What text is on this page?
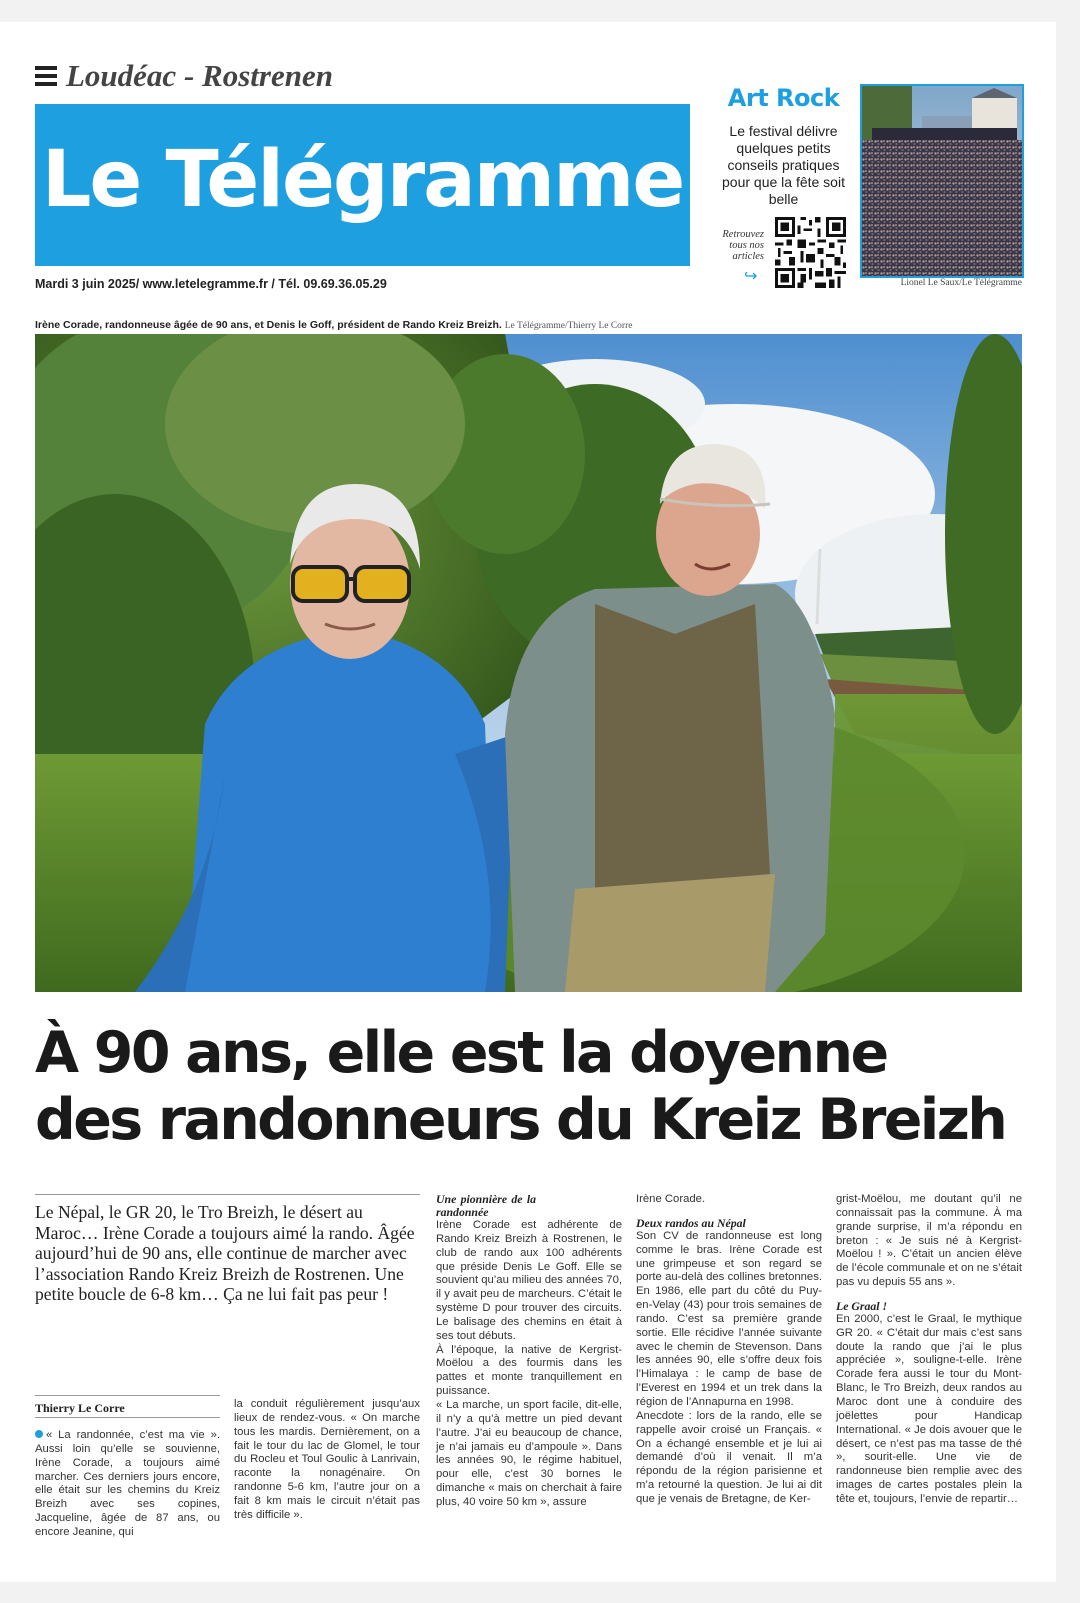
Loudéac - Rostrenen
Le Télégramme
Mardi 3 juin 2025/ www.letelegramme.fr / Tél. 09.69.36.05.29
Art Rock
Le festival délivre quelques petits conseils pratiques pour que la fête soit belle
Retrouvez tous nos articles
↪	Lionel Le Saux/Le Télégramme
Irène Corade, randonneuse âgée de 90 ans, et Denis le Goff, président de Rando Kreiz Breizh. Le Télégramme/Thierry Le Corre
À 90 ans, elle est la doyenne
des randonneurs du Kreiz Breizh
Le Népal, le GR 20, le Tro Breizh, le désert au Maroc… Irène Corade a toujours aimé la rando. Âgée aujourd’hui de 90 ans, elle continue de marcher avec l’association Rando Kreiz Breizh de Rostrenen. Une petite boucle de 6-8 km… Ça ne lui fait pas peur !
Thierry Le Corre

« La randonnée, c’est ma vie ». Aussi loin qu’elle se souvienne, Irène Corade, a toujours aimé marcher. Ces derniers jours encore, elle était sur les chemins du Kreiz Breizh avec ses copines, Jacqueline, âgée de 87 ans, ou encore Jeanine, qui

la conduit régulièrement jusqu’aux lieux de rendez-vous. « On marche tous les mardis. Dernièrement, on a fait le tour du lac de Glomel, le tour du Rocleu et Toul Goulic à Lanrivain, raconte la nonagénaire. On randonne 5-6 km, l’autre jour on a fait 8 km mais le circuit n’était pas très difficile ».

Une pionnière de la randonnée

Irène Corade est adhérente de Rando Kreiz Breizh à Rostrenen, le club de rando aux 100 adhérents que préside Denis Le Goff. Elle se souvient qu’au milieu des années 70, il y avait peu de marcheurs. C’était le système D pour trouver des circuits. Le balisage des chemins en était à ses tout débuts.

À l’époque, la native de Kergrist-Moëlou a des fourmis dans les pattes et monte tranquillement en puissance.

« La marche, un sport facile, dit-elle, il n’y a qu’à mettre un pied devant l’autre. J’ai eu beaucoup de chance, je n’ai jamais eu d’ampoule ». Dans les années 90, le régime habituel, pour elle, c’est 30 bornes le dimanche « mais on cherchait à faire plus, 40 voire 50 km », assure

Irène Corade.

Deux randos au Népal

Son CV de randonneuse est long comme le bras. Irène Corade est une grimpeuse et son regard se porte au-delà des collines bretonnes. En 1986, elle part du côté du Puy-en-Velay (43) pour trois semaines de rando. C’est sa première grande sortie. Elle récidive l’année suivante avec le chemin de Stevenson. Dans les années 90, elle s’offre deux fois l’Himalaya : le camp de base de l’Everest en 1994 et un trek dans la région de l’Annapurna en 1998.

Anecdote : lors de la rando, elle se rappelle avoir croisé un Français. « On a échangé ensemble et je lui ai demandé d’où il venait. Il m’a répondu de la région parisienne et m’a retourné la question. Je lui ai dit que je venais de Bretagne, de Ker-

grist-Moëlou, me doutant qu’il ne connaissait pas la commune. À ma grande surprise, il m’a répondu en breton : « Je suis né à Kergrist-Moëlou ! ». C’était un ancien élève de l’école communale et on ne s’était pas vu depuis 55 ans ».

Le Graal !

En 2000, c’est le Graal, le mythique GR 20. « C’était dur mais c’est sans doute la rando que j’ai le plus appréciée », souligne-t-elle. Irène Corade fera aussi le tour du Mont-Blanc, le Tro Breizh, deux randos au Maroc dont une à conduire des joëlettes pour Handicap International. « Je dois avouer que le désert, ce n’est pas ma tasse de thé », sourit-elle. Une vie de randonneuse bien remplie avec des images de cartes postales plein la tête et, toujours, l’envie de repartir…
